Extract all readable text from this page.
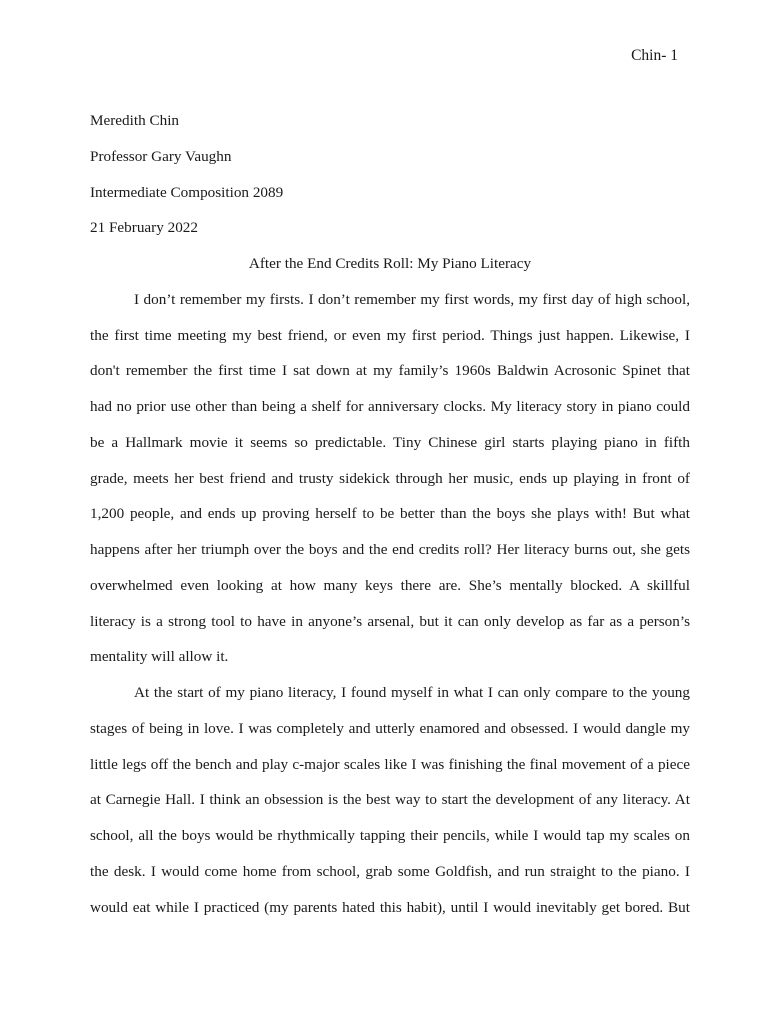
Chin- 1
Meredith Chin
Professor Gary Vaughn
Intermediate Composition 2089
21 February 2022
After the End Credits Roll: My Piano Literacy
I don’t remember my firsts. I don’t remember my first words, my first day of high school,
the first time meeting my best friend, or even my first period. Things just happen. Likewise, I
don't remember the first time I sat down at my family’s 1960s Baldwin Acrosonic Spinet that
had no prior use other than being a shelf for anniversary clocks. My literacy story in piano could
be a Hallmark movie it seems so predictable. Tiny Chinese girl starts playing piano in fifth
grade, meets her best friend and trusty sidekick through her music, ends up playing in front of
1,200 people, and ends up proving herself to be better than the boys she plays with! But what
happens after her triumph over the boys and the end credits roll? Her literacy burns out, she gets
overwhelmed even looking at how many keys there are. She’s mentally blocked. A skillful
literacy is a strong tool to have in anyone’s arsenal, but it can only develop as far as a person’s
mentality will allow it.
At the start of my piano literacy, I found myself in what I can only compare to the young
stages of being in love. I was completely and utterly enamored and obsessed. I would dangle my
little legs off the bench and play c-major scales like I was finishing the final movement of a piece
at Carnegie Hall. I think an obsession is the best way to start the development of any literacy. At
school, all the boys would be rhythmically tapping their pencils, while I would tap my scales on
the desk. I would come home from school, grab some Goldfish, and run straight to the piano. I
would eat while I practiced (my parents hated this habit), until I would inevitably get bored. But
